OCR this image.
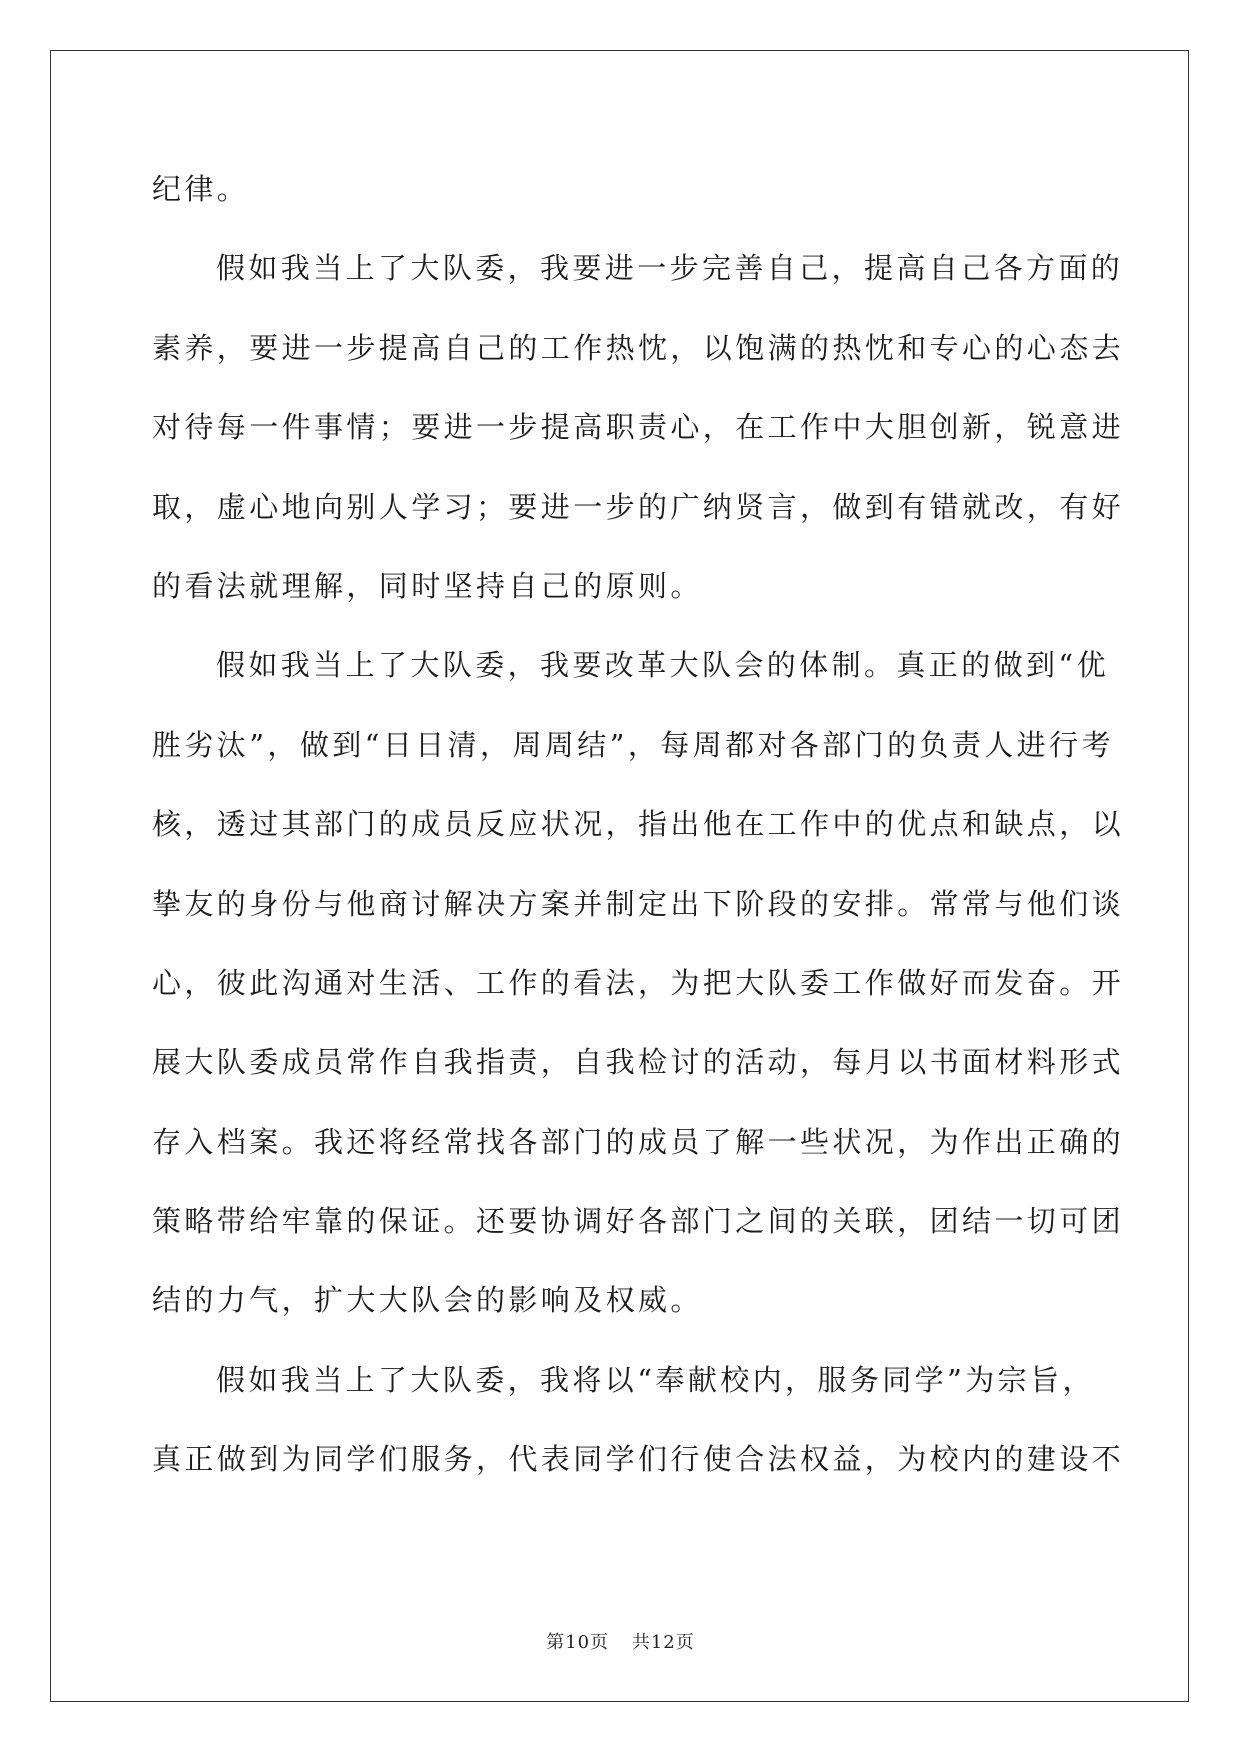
纪律。

假如我当上了大队委，我要进一步完善自己，提高自己各方面的

素养，要进一步提高自己的工作热忱，以饱满的热忱和专心的心态去

对待每一件事情；要进一步提高职责心，在工作中大胆创新，锐意进

取，虚心地向别人学习；要进一步的广纳贤言，做到有错就改，有好

的看法就理解，同时坚持自己的原则。

假如我当上了大队委，我要改革大队会的体制。真正的做到“优

胜劣汰”，做到“日日清，周周结”，每周都对各部门的负责人进行考

核，透过其部门的成员反应状况，指出他在工作中的优点和缺点，以

挚友的身份与他商讨解决方案并制定出下阶段的安排。常常与他们谈

心，彼此沟通对生活、工作的看法，为把大队委工作做好而发奋。开

展大队委成员常作自我指责，自我检讨的活动，每月以书面材料形式

存入档案。我还将经常找各部门的成员了解一些状况，为作出正确的

策略带给牢靠的保证。还要协调好各部门之间的关联，团结一切可团

结的力气，扩大大队会的影响及权威。

假如我当上了大队委，我将以“奉献校内，服务同学”为宗旨，

真正做到为同学们服务，代表同学们行使合法权益，为校内的建设不

第10页 共12页
